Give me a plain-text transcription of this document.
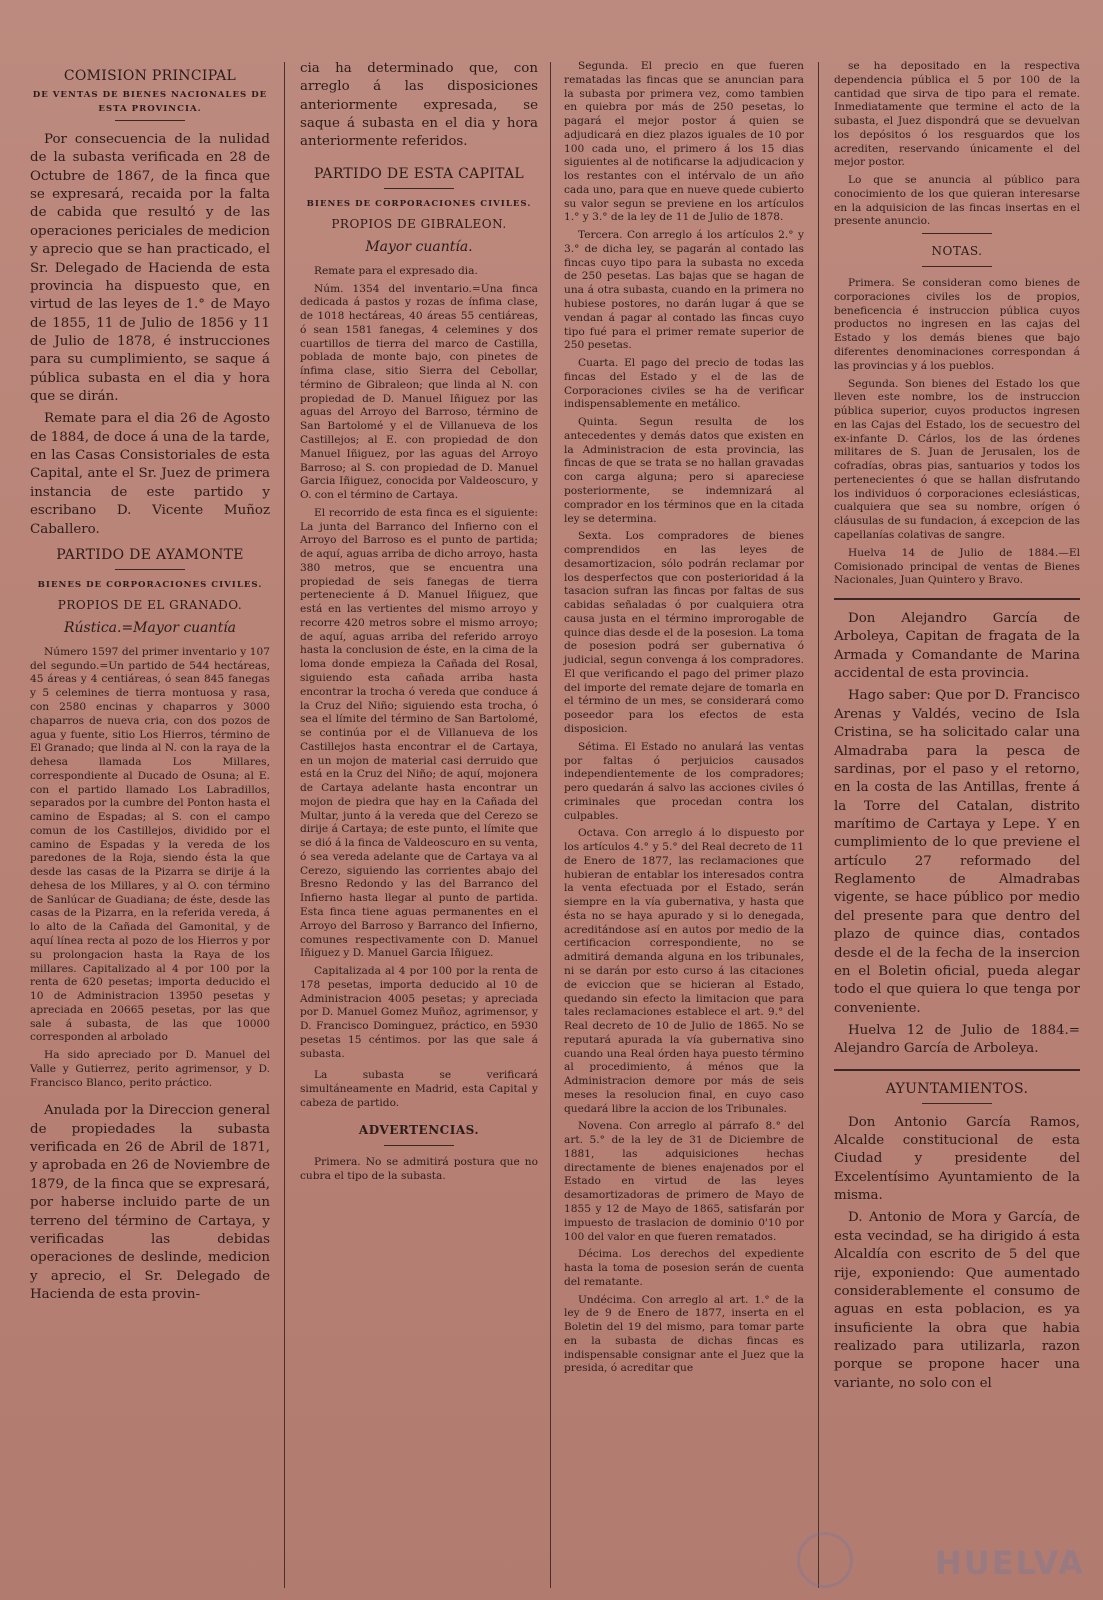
COMISION PRINCIPAL
DE VENTAS DE BIENES NACIONALES DE
ESTA PROVINCIA.

Por consecuencia de la nulidad de la subasta verificada en 28 de Octubre de 1867, de la finca que se expresará, recaida por la falta de cabida que resultó y de las operaciones periciales de medicion y aprecio que se han practicado, el Sr. Delegado de Hacienda de esta provincia ha dispuesto que, en virtud de las leyes de 1.° de Mayo de 1855, 11 de Julio de 1856 y 11 de Julio de 1878, é instrucciones para su cumplimiento, se saque á pública subasta en el dia y hora que se dirán.

Remate para el dia 26 de Agosto de 1884, de doce á una de la tarde, en las Casas Consistoriales de esta Capital, ante el Sr. Juez de primera instancia de este partido y escribano D. Vicente Muñoz Caballero.

PARTIDO DE AYAMONTE
BIENES DE CORPORACIONES CIVILES.
PROPIOS DE EL GRANADO.
Rústica.=Mayor cuantía

Número 1597 del primer inventario y 107 del segundo.=Un partido de 544 hectáreas, 45 áreas y 4 centiáreas, ó sean 845 fanegas y 5 celemines de tierra montuosa y rasa, con 2580 encinas y chaparros y 3000 chaparros de nueva cria, con dos pozos de agua y fuente, sitio Los Hierros, término de El Granado; que linda al N. con la raya de la dehesa llamada Los Millares, correspondiente al Ducado de Osuna; al E. con el partido llamado Los Labradillos, separados por la cumbre del Ponton hasta el camino de Espadas; al S. con el campo comun de los Castillejos, dividido por el camino de Espadas y la vereda de los paredones de la Roja, siendo ésta la que desde las casas de la Pizarra se dirije á la dehesa de los Millares, y al O. con término de Sanlúcar de Guadiana; de éste, desde las casas de la Pizarra, en la referida vereda, á lo alto de la Cañada del Gamonital, y de aquí línea recta al pozo de los Hierros y por su prolongacion hasta la Raya de los millares. Capitalizado al 4 por 100 por la renta de 620 pesetas; importa deducido el 10 de Administracion 13950 pesetas y apreciada en 20665 pesetas, por las que sale á subasta, de las que 10000 corresponden al arbolado

Ha sido apreciado por D. Manuel del Valle y Gutierrez, perito agrimensor, y D. Francisco Blanco, perito práctico.

Anulada por la Direccion general de propiedades la subasta verificada en 26 de Abril de 1871, y aprobada en 26 de Noviembre de 1879, de la finca que se expresará, por haberse incluido parte de un terreno del término de Cartaya, y verificadas las debidas operaciones de deslinde, medicion y aprecio, el Sr. Delegado de Hacienda de esta provin-

cia ha determinado que, con arreglo á las disposiciones anteriormente expresada, se saque á subasta en el dia y hora anteriormente referidos.

PARTIDO DE ESTA CAPITAL
BIENES DE CORPORACIONES CIVILES.
PROPIOS DE GIBRALEON.
Mayor cuantía.

Remate para el expresado dia.

Núm. 1354 del inventario.=Una finca dedicada á pastos y rozas de ínfima clase, de 1018 hectáreas, 40 áreas 55 centiáreas, ó sean 1581 fanegas, 4 celemines y dos cuartillos de tierra del marco de Castilla, poblada de monte bajo, con pinetes de ínfima clase, sitio Sierra del Cebollar, término de Gibraleon; que linda al N. con propiedad de D. Manuel Iñiguez por las aguas del Arroyo del Barroso, término de San Bartolomé y el de Villanueva de los Castillejos; al E. con propiedad de don Manuel Iñiguez, por las aguas del Arroyo Barroso; al S. con propiedad de D. Manuel Garcia Iñiguez, conocida por Valdeoscuro, y O. con el término de Cartaya.

El recorrido de esta finca es el siguiente: La junta del Barranco del Infierno con el Arroyo del Barroso es el punto de partida; de aquí, aguas arriba de dicho arroyo, hasta 380 metros, que se encuentra una propiedad de seis fanegas de tierra perteneciente á D. Manuel Iñiguez, que está en las vertientes del mismo arroyo y recorre 420 metros sobre el mismo arroyo; de aquí, aguas arriba del referido arroyo hasta la conclusion de éste, en la cima de la loma donde empieza la Cañada del Rosal, siguiendo esta cañada arriba hasta encontrar la trocha ó vereda que conduce á la Cruz del Niño; siguiendo esta trocha, ó sea el límite del término de San Bartolomé, se continúa por el de Villanueva de los Castillejos hasta encontrar el de Cartaya, en un mojon de material casi derruido que está en la Cruz del Niño; de aquí, mojonera de Cartaya adelante hasta encontrar un mojon de piedra que hay en la Cañada del Multar, junto á la vereda que del Cerezo se dirije á Cartaya; de este punto, el límite que se dió á la finca de Valdeoscuro en su venta, ó sea vereda adelante que de Cartaya va al Cerezo, siguiendo las corrientes abajo del Bresno Redondo y las del Barranco del Infierno hasta llegar al punto de partida. Esta finca tiene aguas permanentes en el Arroyo del Barroso y Barranco del Infierno, comunes respectivamente con D. Manuel Iñiguez y D. Manuel Garcia Iñiguez.

Capitalizada al 4 por 100 por la renta de 178 pesetas, importa deducido al 10 de Administracion 4005 pesetas; y apreciada por D. Manuel Gomez Muñoz, agrimensor, y D. Francisco Dominguez, práctico, en 5930 pesetas 15 céntimos. por las que sale á subasta.

La subasta se verificará simultáneamente en Madrid, esta Capital y cabeza de partido.

ADVERTENCIAS.

Primera. No se admitirá postura que no cubra el tipo de la subasta.

Segunda. El precio en que fueren rematadas las fincas que se anuncian para la subasta por primera vez, como tambien en quiebra por más de 250 pesetas, lo pagará el mejor postor á quien se adjudicará en diez plazos iguales de 10 por 100 cada uno, el primero á los 15 dias siguientes al de notificarse la adjudicacion y los restantes con el intérvalo de un año cada uno, para que en nueve quede cubierto su valor segun se previene en los artículos 1.° y 3.° de la ley de 11 de Julio de 1878.

Tercera. Con arreglo á los artículos 2.° y 3.° de dicha ley, se pagarán al contado las fincas cuyo tipo para la subasta no exceda de 250 pesetas. Las bajas que se hagan de una á otra subasta, cuando en la primera no hubiese postores, no darán lugar á que se vendan á pagar al contado las fincas cuyo tipo fué para el primer remate superior de 250 pesetas.

Cuarta. El pago del precio de todas las fincas del Estado y el de las de Corporaciones civiles se ha de verificar indispensablemente en metálico.

Quinta. Segun resulta de los antecedentes y demás datos que existen en la Administracion de esta provincia, las fincas de que se trata se no hallan gravadas con carga alguna; pero si apareciese posteriormente, se indemnizará al comprador en los términos que en la citada ley se determina.

Sexta. Los compradores de bienes comprendidos en las leyes de desamortizacion, sólo podrán reclamar por los desperfectos que con posterioridad á la tasacion sufran las fincas por faltas de sus cabidas señaladas ó por cualquiera otra causa justa en el término improrogable de quince dias desde el de la posesion. La toma de posesion podrá ser gubernativa ó judicial, segun convenga á los compradores. El que verificando el pago del primer plazo del importe del remate dejare de tomarla en el término de un mes, se considerará como poseedor para los efectos de esta disposicion.

Sétima. El Estado no anulará las ventas por faltas ó perjuicios causados independientemente de los compradores; pero quedarán á salvo las acciones civiles ó criminales que procedan contra los culpables.

Octava. Con arreglo á lo dispuesto por los artículos 4.° y 5.° del Real decreto de 11 de Enero de 1877, las reclamaciones que hubieran de entablar los interesados contra la venta efectuada por el Estado, serán siempre en la vía gubernativa, y hasta que ésta no se haya apurado y si lo denegada, acreditándose así en autos por medio de la certificacion correspondiente, no se admitirá demanda alguna en los tribunales, ni se darán por esto curso á las citaciones de eviccion que se hicieran al Estado, quedando sin efecto la limitacion que para tales reclamaciones establece el art. 9.° del Real decreto de 10 de Julio de 1865. No se reputará apurada la vía gubernativa sino cuando una Real órden haya puesto término al procedimiento, á ménos que la Administracion demore por más de seis meses la resolucion final, en cuyo caso quedará libre la accion de los Tribunales.

Novena. Con arreglo al párrafo 8.° del art. 5.° de la ley de 31 de Diciembre de 1881, las adquisiciones hechas directamente de bienes enajenados por el Estado en virtud de las leyes desamortizadoras de primero de Mayo de 1855 y 12 de Mayo de 1865, satisfarán por impuesto de traslacion de dominio 0'10 por 100 del valor en que fueren rematados.

Décima. Los derechos del expediente hasta la toma de posesion serán de cuenta del rematante.

Undécima. Con arreglo al art. 1.° de la ley de 9 de Enero de 1877, inserta en el Boletin del 19 del mismo, para tomar parte en la subasta de dichas fincas es indispensable consignar ante el Juez que la presida, ó acreditar que

se ha depositado en la respectiva dependencia pública el 5 por 100 de la cantidad que sirva de tipo para el remate. Inmediatamente que termine el acto de la subasta, el Juez dispondrá que se devuelvan los depósitos ó los resguardos que los acrediten, reservando únicamente el del mejor postor.

Lo que se anuncia al público para conocimiento de los que quieran interesarse en la adquisicion de las fincas insertas en el presente anuncio.

NOTAS.

Primera. Se consideran como bienes de corporaciones civiles los de propios, beneficencia é instruccion pública cuyos productos no ingresen en las cajas del Estado y los demás bienes que bajo diferentes denominaciones correspondan á las provincias y á los pueblos.

Segunda. Son bienes del Estado los que lleven este nombre, los de instruccion pública superior, cuyos productos ingresen en las Cajas del Estado, los de secuestro del ex-infante D. Cárlos, los de las órdenes militares de S. Juan de Jerusalen, los de cofradías, obras pias, santuarios y todos los pertenecientes ó que se hallan disfrutando los individuos ó corporaciones eclesiásticas, cualquiera que sea su nombre, orígen ó cláusulas de su fundacion, á excepcion de las capellanías colativas de sangre.

Huelva 14 de Julio de 1884.—El Comisionado principal de ventas de Bienes Nacionales, Juan Quintero y Bravo.

Don Alejandro García de Arboleya, Capitan de fragata de la Armada y Comandante de Marina accidental de esta provincia.

Hago saber: Que por D. Francisco Arenas y Valdés, vecino de Isla Cristina, se ha solicitado calar una Almadraba para la pesca de sardinas, por el paso y el retorno, en la costa de las Antillas, frente á la Torre del Catalan, distrito marítimo de Cartaya y Lepe. Y en cumplimiento de lo que previene el artículo 27 reformado del Reglamento de Almadrabas vigente, se hace público por medio del presente para que dentro del plazo de quince dias, contados desde el de la fecha de la insercion en el Boletin oficial, pueda alegar todo el que quiera lo que tenga por conveniente.

Huelva 12 de Julio de 1884.= Alejandro García de Arboleya.

AYUNTAMIENTOS.

Don Antonio García Ramos, Alcalde constitucional de esta Ciudad y presidente del Excelentísimo Ayuntamiento de la misma.

D. Antonio de Mora y García, de esta vecindad, se ha dirigido á esta Alcaldía con escrito de 5 del que rije, exponiendo: Que aumentado considerablemente el consumo de aguas en esta poblacion, es ya insuficiente la obra que habia realizado para utilizarla, razon porque se propone hacer una variante, no solo con el

HUELVA
